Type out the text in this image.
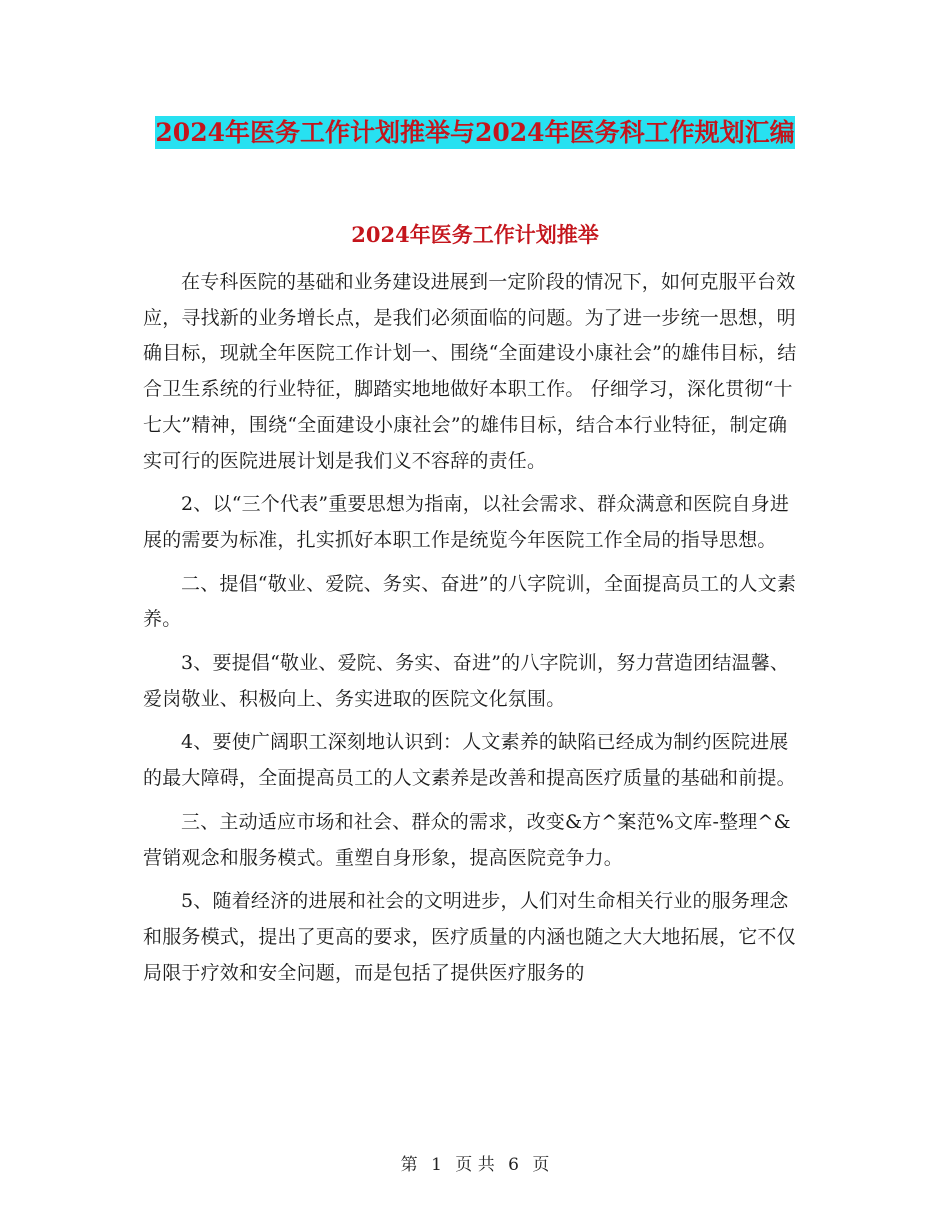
2024年医务工作计划推举与2024年医务科工作规划汇编
2024年医务工作计划推举

在专科医院的基础和业务建设进展到一定阶段的情况下，如何克服平台效应，寻找新的业务增长点，是我们必须面临的问题。为了进一步统一思想，明确目标，现就全年医院工作计划一、围绕“全面建设小康社会”的雄伟目标，结合卫生系统的行业特征，脚踏实地地做好本职工作。 仔细学习，深化贯彻“十七大”精神，围绕“全面建设小康社会”的雄伟目标，结合本行业特征，制定确实可行的医院进展计划是我们义不容辞的责任。

2、以“三个代表”重要思想为指南，以社会需求、群众满意和医院自身进展的需要为标准，扎实抓好本职工作是统览今年医院工作全局的指导思想。

二、提倡“敬业、爱院、务实、奋进”的八字院训，全面提高员工的人文素养。

3、要提倡“敬业、爱院、务实、奋进”的八字院训，努力营造团结温馨、爱岗敬业、积极向上、务实进取的医院文化氛围。

4、要使广阔职工深刻地认识到：人文素养的缺陷已经成为制约医院进展的最大障碍，全面提高员工的人文素养是改善和提高医疗质量的基础和前提。

三、主动适应市场和社会、群众的需求，改变&方^案范%文库-整理^&营销观念和服务模式。重塑自身形象，提高医院竞争力。

5、随着经济的进展和社会的文明进步，人们对生命相关行业的服务理念和服务模式，提出了更高的要求，医疗质量的内涵也随之大大地拓展，它不仅局限于疗效和安全问题，而是包括了提供医疗服务的

第 1 页 共 6 页
